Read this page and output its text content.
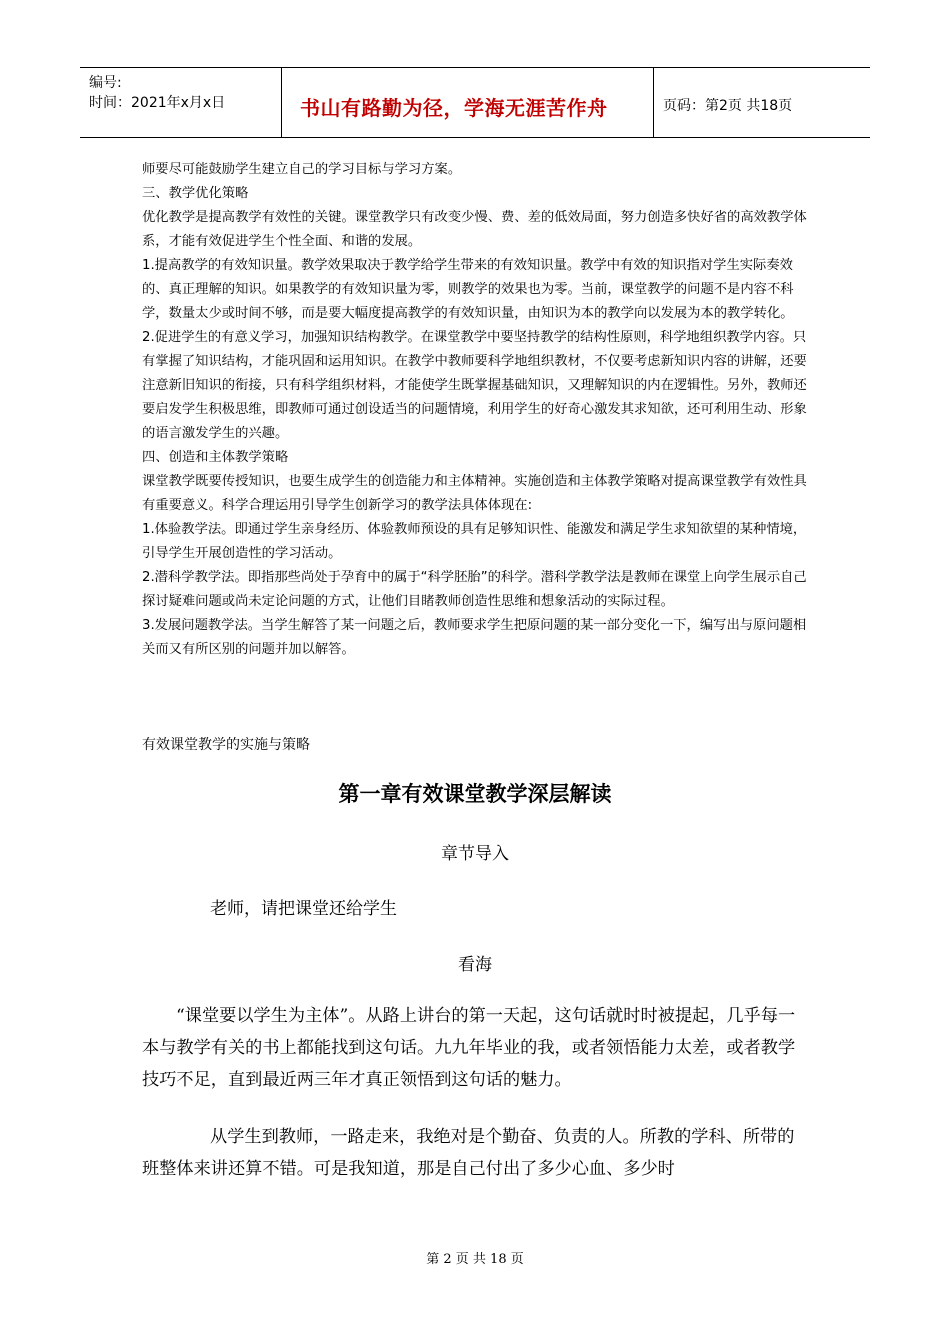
编号:
时间：2021年x月x日	书山有路勤为径，学海无涯苦作舟	页码：第2页 共18页

师要尽可能鼓励学生建立自己的学习目标与学习方案。

三、教学优化策略

优化教学是提高教学有效性的关键。课堂教学只有改变少慢、费、差的低效局面，努力创造多快好省的高效教学体系，才能有效促进学生个性全面、和谐的发展。

1.提高教学的有效知识量。教学效果取决于教学给学生带来的有效知识量。教学中有效的知识指对学生实际奏效的、真正理解的知识。如果教学的有效知识量为零，则教学的效果也为零。当前，课堂教学的问题不是内容不科学，数量太少或时间不够，而是要大幅度提高教学的有效知识量，由知识为本的教学向以发展为本的教学转化。

2.促进学生的有意义学习，加强知识结构教学。在课堂教学中要坚持教学的结构性原则，科学地组织教学内容。只有掌握了知识结构，才能巩固和运用知识。在教学中教师要科学地组织教材，不仅要考虑新知识内容的讲解，还要注意新旧知识的衔接，只有科学组织材料，才能使学生既掌握基础知识，又理解知识的内在逻辑性。另外，教师还要启发学生积极思维，即教师可通过创设适当的问题情境，利用学生的好奇心激发其求知欲，还可利用生动、形象的语言激发学生的兴趣。

四、创造和主体教学策略

课堂教学既要传授知识，也要生成学生的创造能力和主体精神。实施创造和主体教学策略对提高课堂教学有效性具有重要意义。科学合理运用引导学生创新学习的教学法具体体现在:

1.体验教学法。即通过学生亲身经历、体验教师预设的具有足够知识性、能激发和满足学生求知欲望的某种情境，引导学生开展创造性的学习活动。

2.潜科学教学法。即指那些尚处于孕育中的属于“科学胚胎”的科学。潜科学教学法是教师在课堂上向学生展示自己探讨疑难问题或尚未定论问题的方式，让他们目睹教师创造性思维和想象活动的实际过程。

3.发展问题教学法。当学生解答了某一问题之后，教师要求学生把原问题的某一部分变化一下，编写出与原问题相关而又有所区别的问题并加以解答。

有效课堂教学的实施与策略
第一章有效课堂教学深层解读
章节导入
老师，请把课堂还给学生
看海

“课堂要以学生为主体”。从路上讲台的第一天起，这句话就时时被提起，几乎每一本与教学有关的书上都能找到这句话。九九年毕业的我，或者领悟能力太差，或者教学技巧不足，直到最近两三年才真正领悟到这句话的魅力。

从学生到教师，一路走来，我绝对是个勤奋、负责的人。所教的学科、所带的班整体来讲还算不错。可是我知道，那是自己付出了多少心血、多少时

第 2 页 共 18 页
